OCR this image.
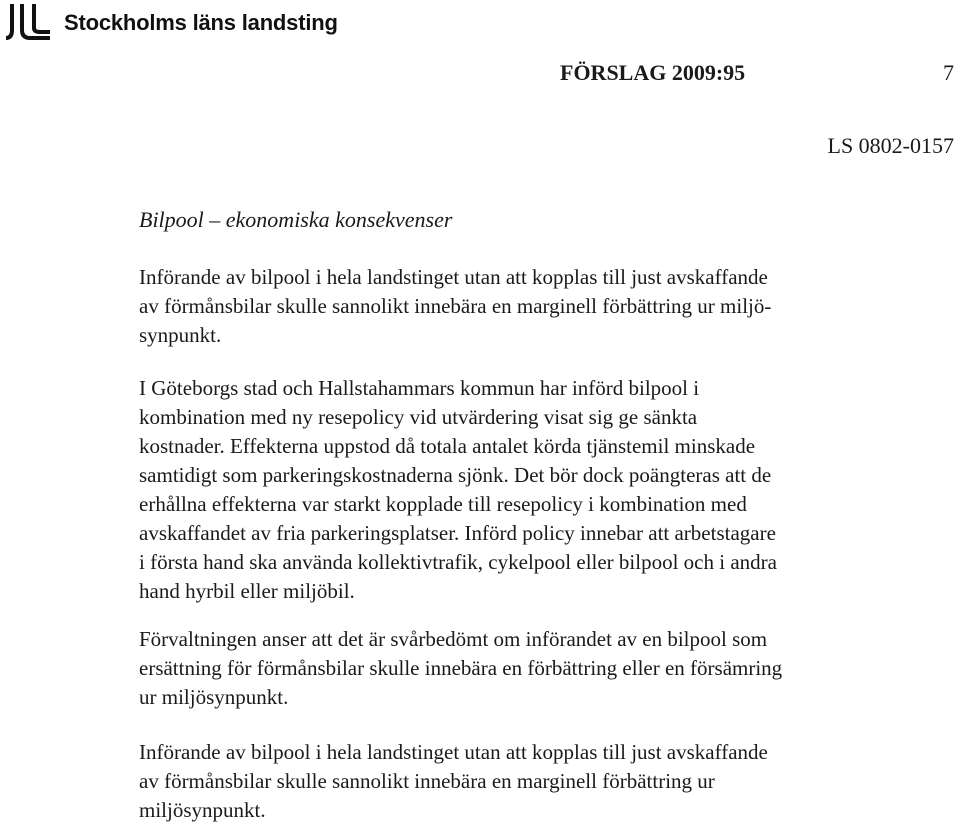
Stockholms läns landsting
FÖRSLAG 2009:95	7
LS 0802-0157
Bilpool – ekonomiska konsekvenser

Införande av bilpool i hela landstinget utan att kopplas till just avskaffande
av förmånsbilar skulle sannolikt innebära en marginell förbättring ur miljö-
synpunkt.

I Göteborgs stad och Hallstahammars kommun har införd bilpool i
kombination med ny resepolicy vid utvärdering visat sig ge sänkta
kostnader. Effekterna uppstod då totala antalet körda tjänstemil minskade
samtidigt som parkeringskostnaderna sjönk. Det bör dock poängteras att de
erhållna effekterna var starkt kopplade till resepolicy i kombination med
avskaffandet av fria parkeringsplatser. Införd policy innebar att arbetstagare
i första hand ska använda kollektivtrafik, cykelpool eller bilpool och i andra
hand hyrbil eller miljöbil.

Förvaltningen anser att det är svårbedömt om införandet av en bilpool som
ersättning för förmånsbilar skulle innebära en förbättring eller en försämring
ur miljösynpunkt.

Införande av bilpool i hela landstinget utan att kopplas till just avskaffande
av förmånsbilar skulle sannolikt innebära en marginell förbättring ur
miljösynpunkt.
